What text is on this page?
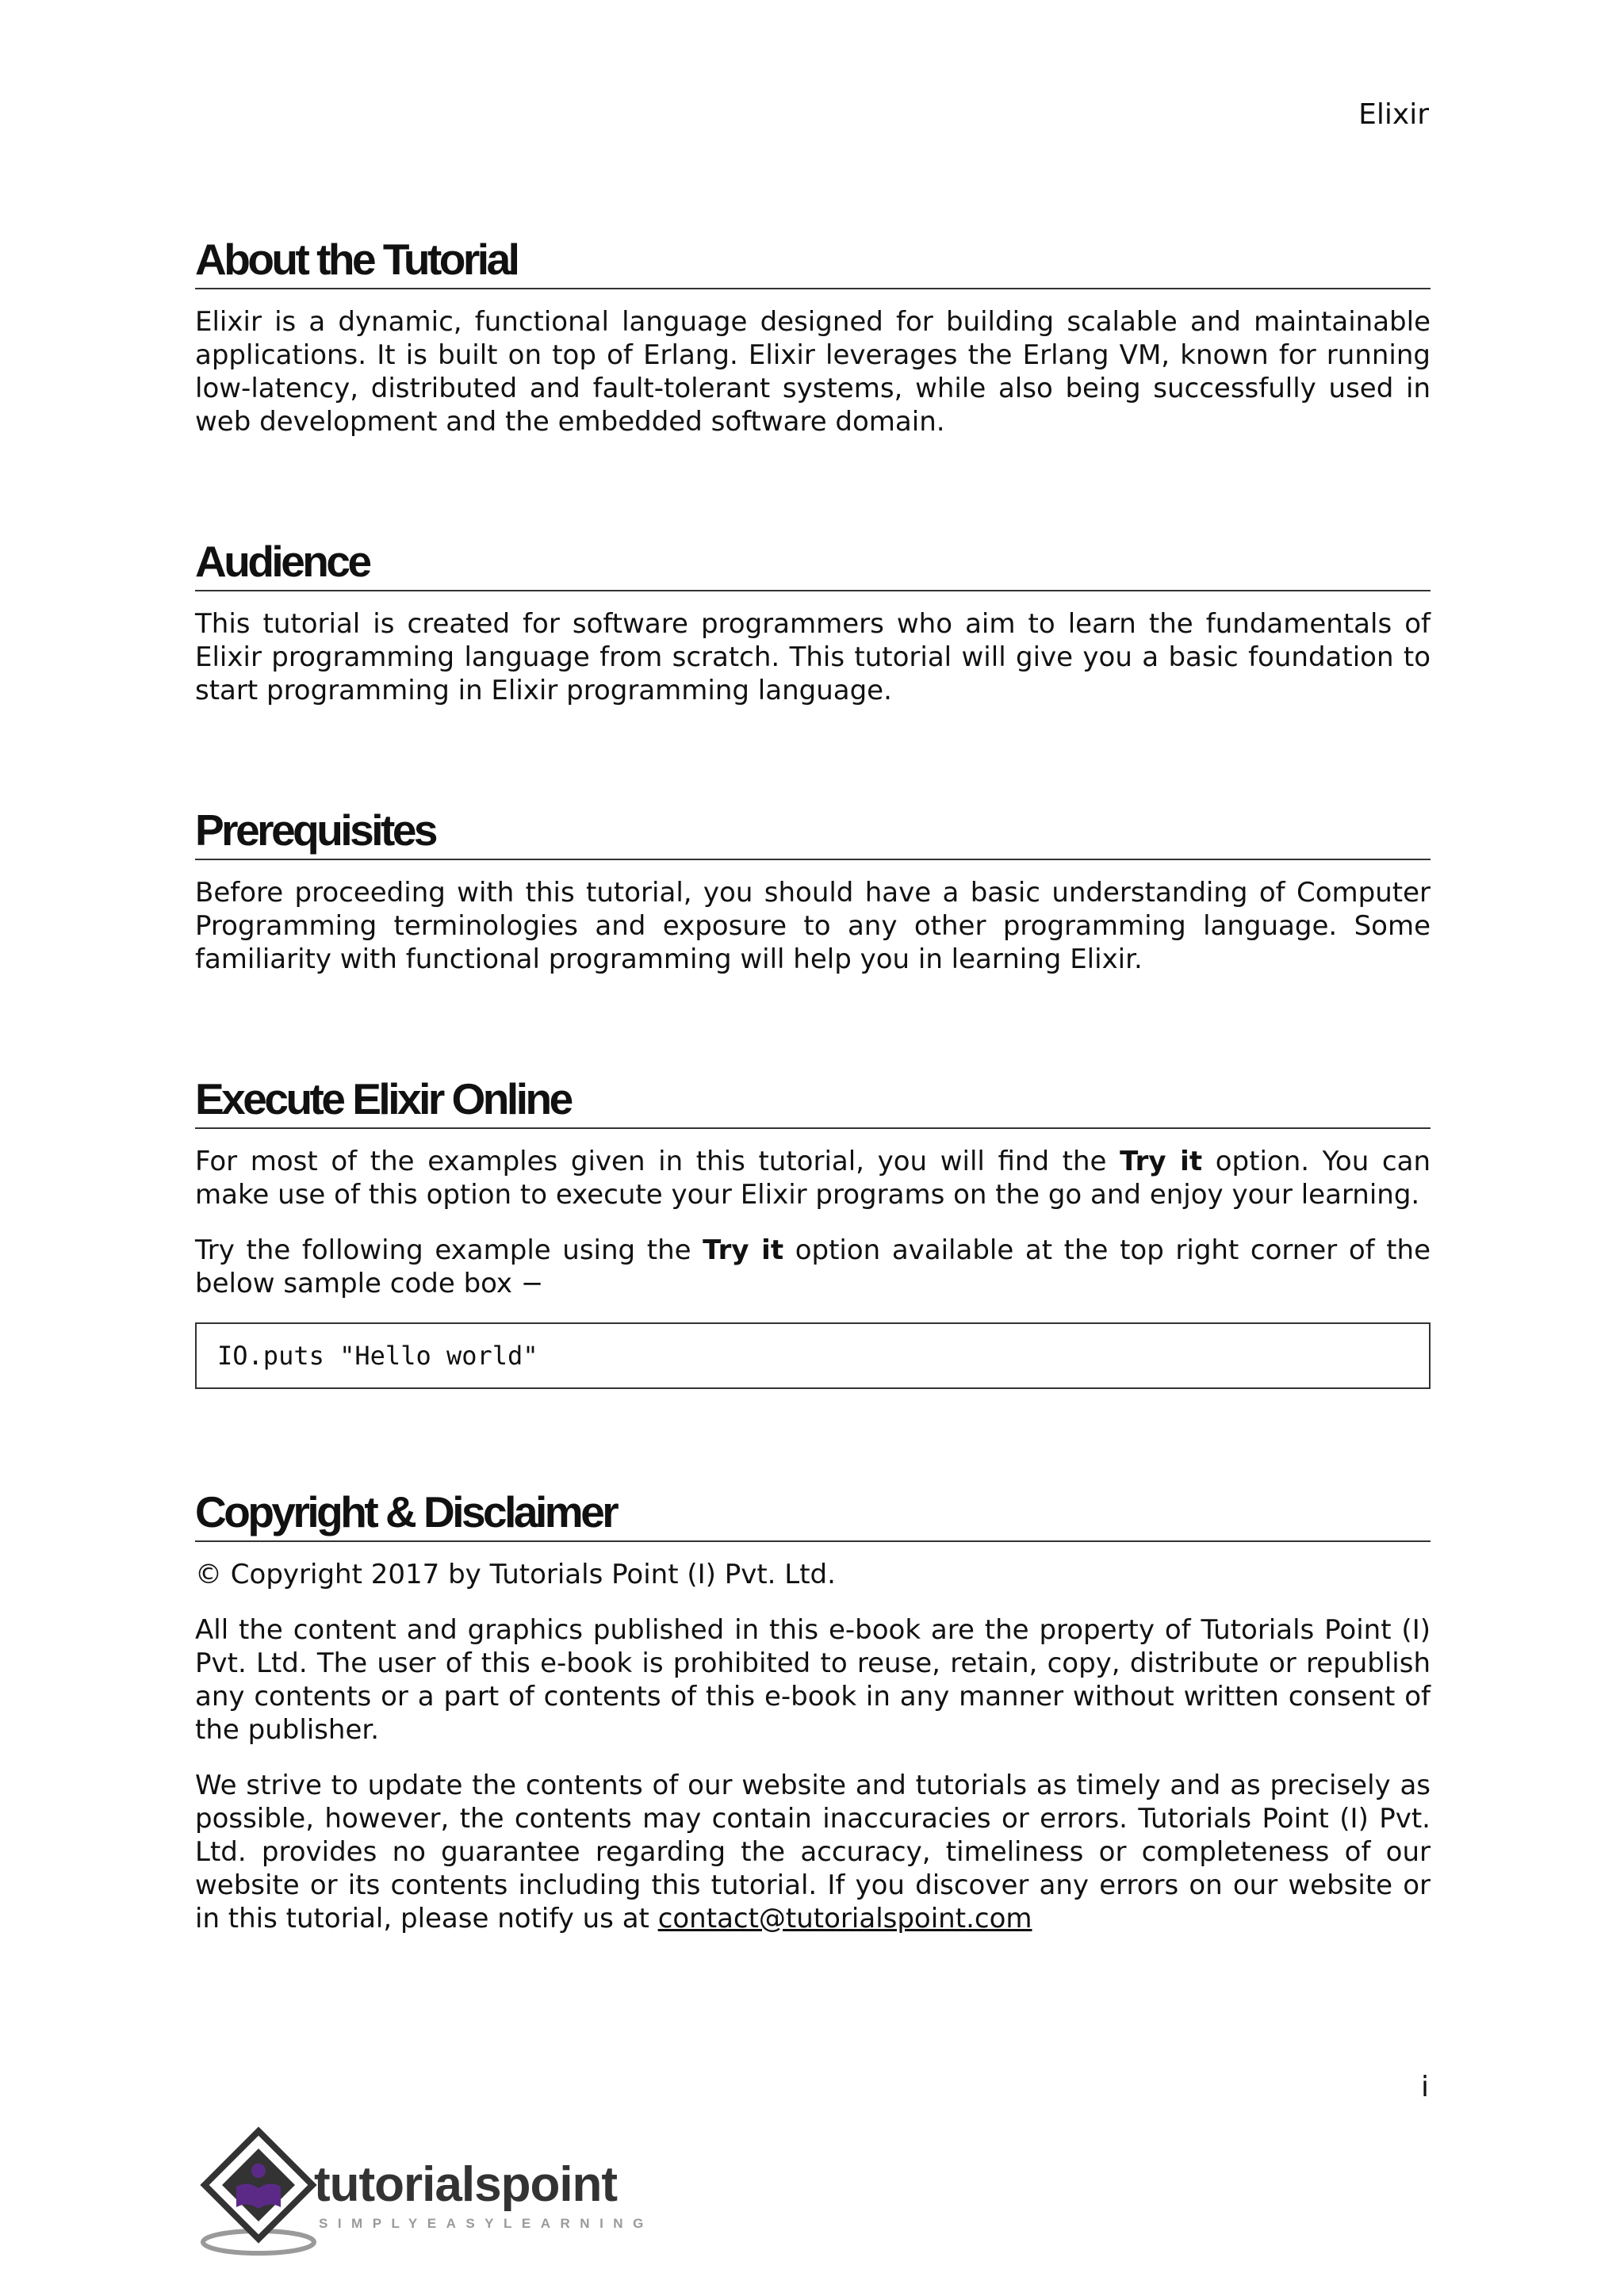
Elixir
About the Tutorial

Elixir is a dynamic, functional language designed for building scalable and maintainable applications. It is built on top of Erlang. Elixir leverages the Erlang VM, known for running low-latency, distributed and fault-tolerant systems, while also being successfully used in web development and the embedded software domain.

Audience

This tutorial is created for software programmers who aim to learn the fundamentals of Elixir programming language from scratch. This tutorial will give you a basic foundation to start programming in Elixir programming language.

Prerequisites

Before proceeding with this tutorial, you should have a basic understanding of Computer Programming terminologies and exposure to any other programming language. Some familiarity with functional programming will help you in learning Elixir.

Execute Elixir Online

For most of the examples given in this tutorial, you will find the Try it option. You can make use of this option to execute your Elixir programs on the go and enjoy your learning.

Try the following example using the Try it option available at the top right corner of the below sample code box −

IO.puts "Hello world"
Copyright & Disclaimer

© Copyright 2017 by Tutorials Point (I) Pvt. Ltd.

All the content and graphics published in this e-book are the property of Tutorials Point (I) Pvt. Ltd. The user of this e-book is prohibited to reuse, retain, copy, distribute or republish any contents or a part of contents of this e-book in any manner without written consent of the publisher.

We strive to update the contents of our website and tutorials as timely and as precisely as possible, however, the contents may contain inaccuracies or errors. Tutorials Point (I) Pvt. Ltd. provides no guarantee regarding the accuracy, timeliness or completeness of our website or its contents including this tutorial. If you discover any errors on our website or in this tutorial, please notify us at contact@tutorialspoint.com

i
tutorialspoint
SIMPLYEASYLEARNING
